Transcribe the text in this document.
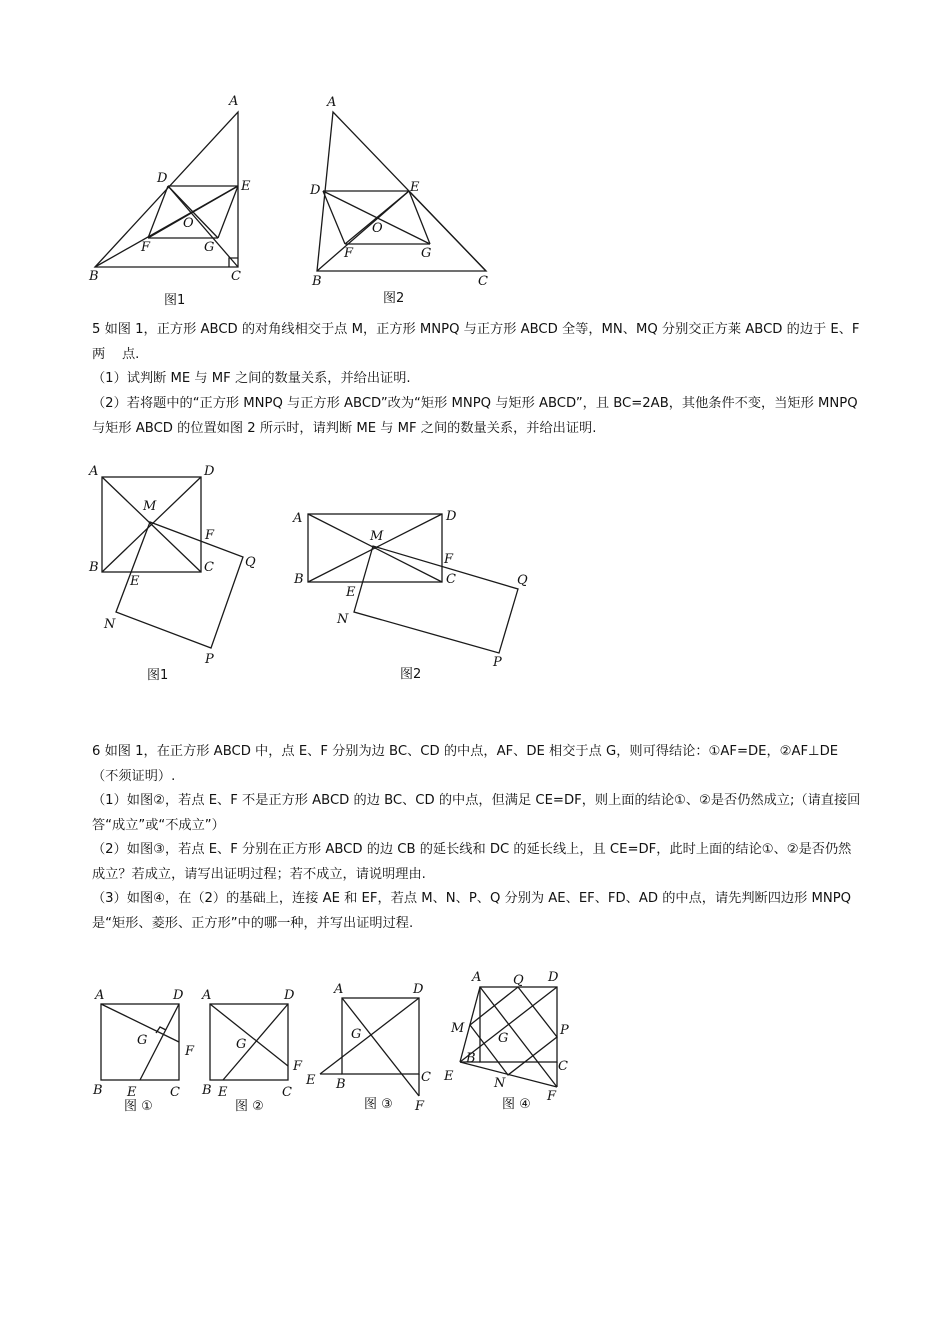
A
D
E
O
F	G
B	C
图1
A
D	E
O
F	G
B	C
图2
A	D
M
F
Q
B	C
E
N
P
图1
A	D
M
F
B	C	Q
E
N
P
图2
A	D
G
F
B E	C
图 ①
A	D
G
F
B E	C
图 ②
A	D
G
E B	C
F
图 ③
A Q D
M	P
G
B
C
E	N
F
图 ④
5 如图 1，正方形 ABCD 的对角线相交于点 M，正方形 MNPQ 与正方形 ABCD 全等，MN、MQ 分别交正方莱 ABCD 的边于 E、F 两    点.
（1）试判断 ME 与 MF 之间的数量关系，并给出证明.
（2）若将题中的“正方形 MNPQ 与正方形 ABCD”改为“矩形 MNPQ 与矩形 ABCD”，且 BC=2AB，其他条件不变，当矩形 MNPQ 与矩形 ABCD 的位置如图 2 所示时，请判断 ME 与 MF 之间的数量关系，并给出证明.
6 如图 1，在正方形 ABCD 中，点 E、F 分别为边 BC、CD 的中点，AF、DE 相交于点 G，则可得结论：①AF=DE，②AF⊥DE（不须证明）.
（1）如图②，若点 E、F 不是正方形 ABCD 的边 BC、CD 的中点，但满足 CE=DF，则上面的结论①、②是否仍然成立;（请直接回答“成立”或“不成立”）
（2）如图③，若点 E、F 分别在正方形 ABCD 的边 CB 的延长线和 DC 的延长线上，且 CE=DF，此时上面的结论①、②是否仍然成立？若成立，请写出证明过程；若不成立，请说明理由.
（3）如图④，在（2）的基础上，连接 AE 和 EF，若点 M、N、P、Q 分别为 AE、EF、FD、AD 的中点，请先判断四边形 MNPQ 是“矩形、菱形、正方形”中的哪一种，并写出证明过程.
